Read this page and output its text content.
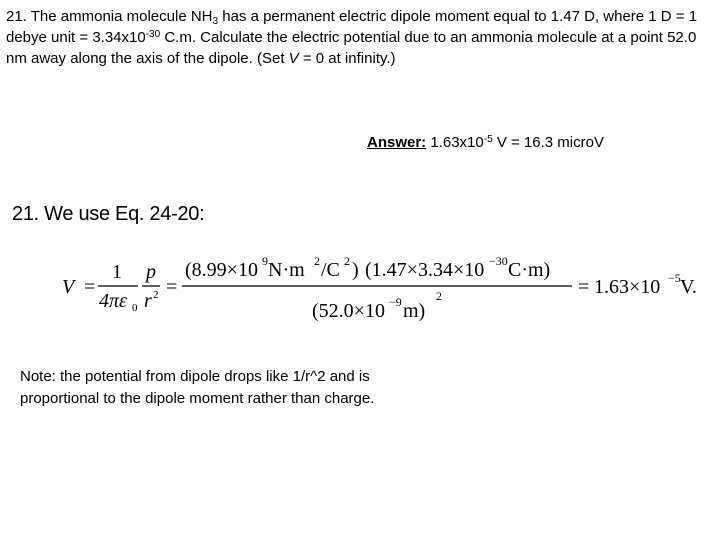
21. The ammonia molecule $NH_3$ has a permanent electric dipole moment equal to 1.47 D, where 1 D = 1 debye unit = $3.34x10^{-30}$ C.m. Calculate the electric potential due to an ammonia molecule at a point 52.0 nm away along the axis of the dipole. (Set V = 0 at infinity.)

Answer: $1.63x10^{-5}$ V = 16.3 microV
21. We use Eq. 24-20:
V =
1
4πε 0
p
r 2 =
(8.99×10 9 N·m 2 /C 2 ) (1.47×3.34×10 −30 C·m)
(52.0×10 −9 m)
2	= 1.63×10 −5 V.

Note: the potential from dipole drops like 1/r^2 and is proportional to the dipole moment rather than charge.
